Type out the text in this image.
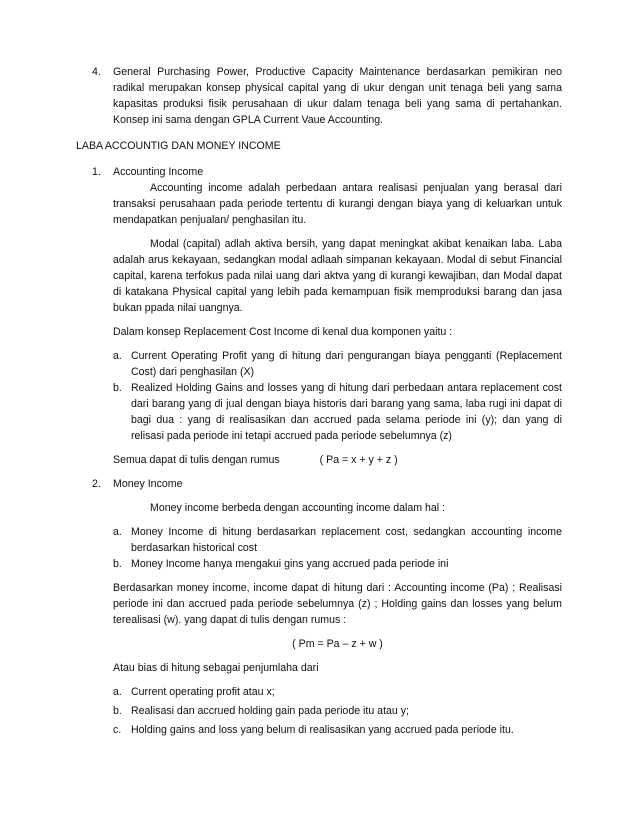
4. General Purchasing Power, Productive Capacity Maintenance berdasarkan pemikiran neo radikal merupakan konsep physical capital yang di ukur dengan unit tenaga beli yang sama kapasitas produksi fisik perusahaan di ukur dalam tenaga beli yang sama di pertahankan. Konsep ini sama dengan GPLA Current Vaue Accounting.

LABA ACCOUNTIG DAN MONEY INCOME

1. Accounting Income

Accounting income adalah perbedaan antara realisasi penjualan yang berasal dari transaksi perusahaan pada periode tertentu di kurangi dengan biaya yang di keluarkan untuk mendapatkan penjualan/ penghasilan itu.

Modal (capital) adlah aktiva bersih, yang dapat meningkat akibat kenaikan laba. Laba adalah arus kekayaan, sedangkan modal adlaah simpanan kekayaan. Modal di sebut Financial capital, karena terfokus pada nilai uang dari aktva yang di kurangi kewajiban, dan Modal dapat di katakana Physical capital yang lebih pada kemampuan fisik memproduksi barang dan jasa bukan ppada nilai uangnya.

Dalam konsep Replacement Cost Income di kenal dua komponen yaitu :

a. Current Operating Profit yang di hitung dari pengurangan biaya pengganti (Replacement Cost) dari penghasilan (X)

b. Realized Holding Gains and losses yang di hitung dari perbedaan antara replacement cost dari barang yang di jual dengan biaya historis dari barang yang sama, laba rugi ini dapat di bagi dua : yang di realisasikan dan accrued pada selama periode ini (y); dan yang di relisasi pada periode ini tetapi accrued pada periode sebelumnya (z)

Semua dapat di tulis dengan rumus	( Pa = x + y + z )
2. Money Income

Money income berbeda dengan accounting income dalam hal :

a. Money Income di hitung berdasarkan replacement cost, sedangkan accounting income berdasarkan historical cost

b. Money Income hanya mengakui gins yang accrued pada periode ini

Berdasarkan money income, income dapat di hitung dari : Accounting income (Pa) ; Realisasi periode ini dan accrued pada periode sebelumnya (z) ; Holding gains dan losses yang belum terealisasi (w). yang dapat di tulis dengan rumus :

( Pm = Pa – z + w )

Atau bias di hitung sebagai penjumlaha dari

a. Current operating profit atau x;

b. Realisasi dan accrued holding gain pada periode itu atau y;

c. Holding gains and loss yang belum di realisasikan yang accrued pada periode itu.
